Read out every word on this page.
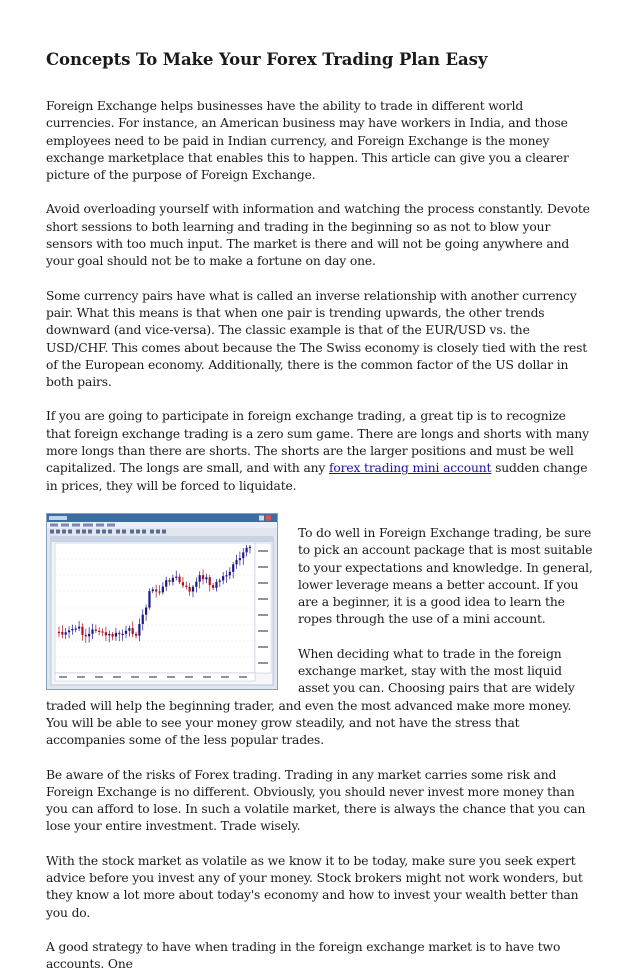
Concepts To Make Your Forex Trading Plan Easy

Foreign Exchange helps businesses have the ability to trade in different world currencies. For instance, an American business may have workers in India, and those employees need to be paid in Indian currency, and Foreign Exchange is the money exchange marketplace that enables this to happen. This article can give you a clearer picture of the purpose of Foreign Exchange.

Avoid overloading yourself with information and watching the process constantly. Devote short sessions to both learning and trading in the beginning so as not to blow your sensors with too much input. The market is there and will not be going anywhere and your goal should not be to make a fortune on day one.

Some currency pairs have what is called an inverse relationship with another currency pair. What this means is that when one pair is trending upwards, the other trends downward (and vice-versa). The classic example is that of the EUR/USD vs. the USD/CHF. This comes about because the The Swiss economy is closely tied with the rest of the European economy. Additionally, there is the common factor of the US dollar in both pairs.

If you are going to participate in foreign exchange trading, a great tip is to recognize that foreign exchange trading is a zero sum game. There are longs and shorts with many more longs than there are shorts. The shorts are the larger positions and must be well capitalized. The longs are small, and with any forex trading mini account sudden change in prices, they will be forced to liquidate.

To do well in Foreign Exchange trading, be sure to pick an account package that is most suitable to your expectations and knowledge. In general, lower leverage means a better account. If you are a beginner, it is a good idea to learn the ropes through the use of a mini account.

When deciding what to trade in the foreign exchange market, stay with the most liquid asset you can. Choosing pairs that are widely traded will help the beginning trader, and even the most advanced make more money. You will be able to see your money grow steadily, and not have the stress that accompanies some of the less popular trades.

Be aware of the risks of Forex trading. Trading in any market carries some risk and Foreign Exchange is no different. Obviously, you should never invest more money than you can afford to lose. In such a volatile market, there is always the chance that you can lose your entire investment. Trade wisely.

With the stock market as volatile as we know it to be today, make sure you seek expert advice before you invest any of your money. Stock brokers might not work wonders, but they know a lot more about today's economy and how to invest your wealth better than you do.

A good strategy to have when trading in the foreign exchange market is to have two accounts. One
